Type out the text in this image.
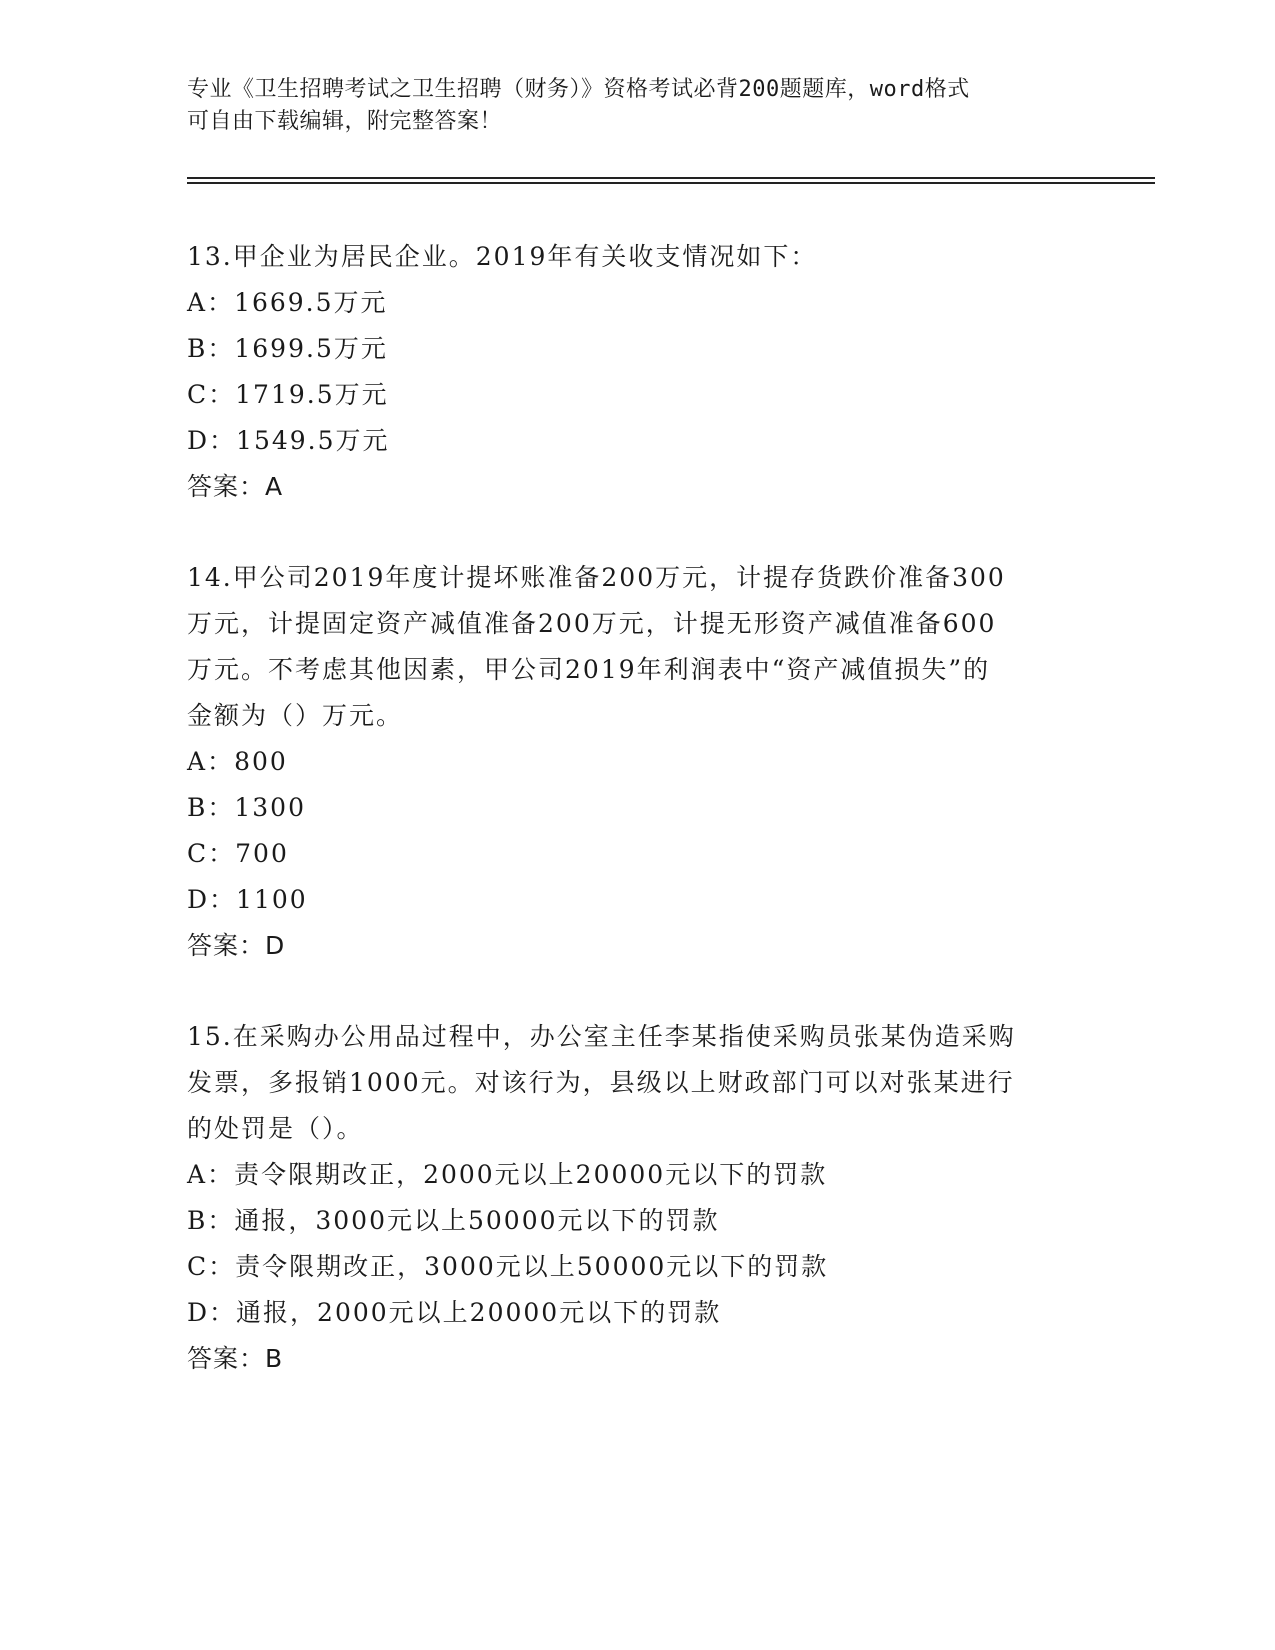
专业《卫生招聘考试之卫生招聘（财务）》资格考试必背200题题库，word格式
可自由下载编辑，附完整答案！
13.甲企业为居民企业。2019年有关收支情况如下：
A：1669.5万元
B：1699.5万元
C：1719.5万元
D：1549.5万元
答案：A
14.甲公司2019年度计提坏账准备200万元，计提存货跌价准备300
万元，计提固定资产减值准备200万元，计提无形资产减值准备600
万元。不考虑其他因素，甲公司2019年利润表中“资产减值损失”的
金额为（）万元。
A：800
B：1300
C：700
D：1100
答案：D
15.在采购办公用品过程中，办公室主任李某指使采购员张某伪造采购
发票，多报销1000元。对该行为，县级以上财政部门可以对张某进行
的处罚是（）。
A：责令限期改正，2000元以上20000元以下的罚款
B：通报，3000元以上50000元以下的罚款
C：责令限期改正，3000元以上50000元以下的罚款
D：通报，2000元以上20000元以下的罚款
答案：B
